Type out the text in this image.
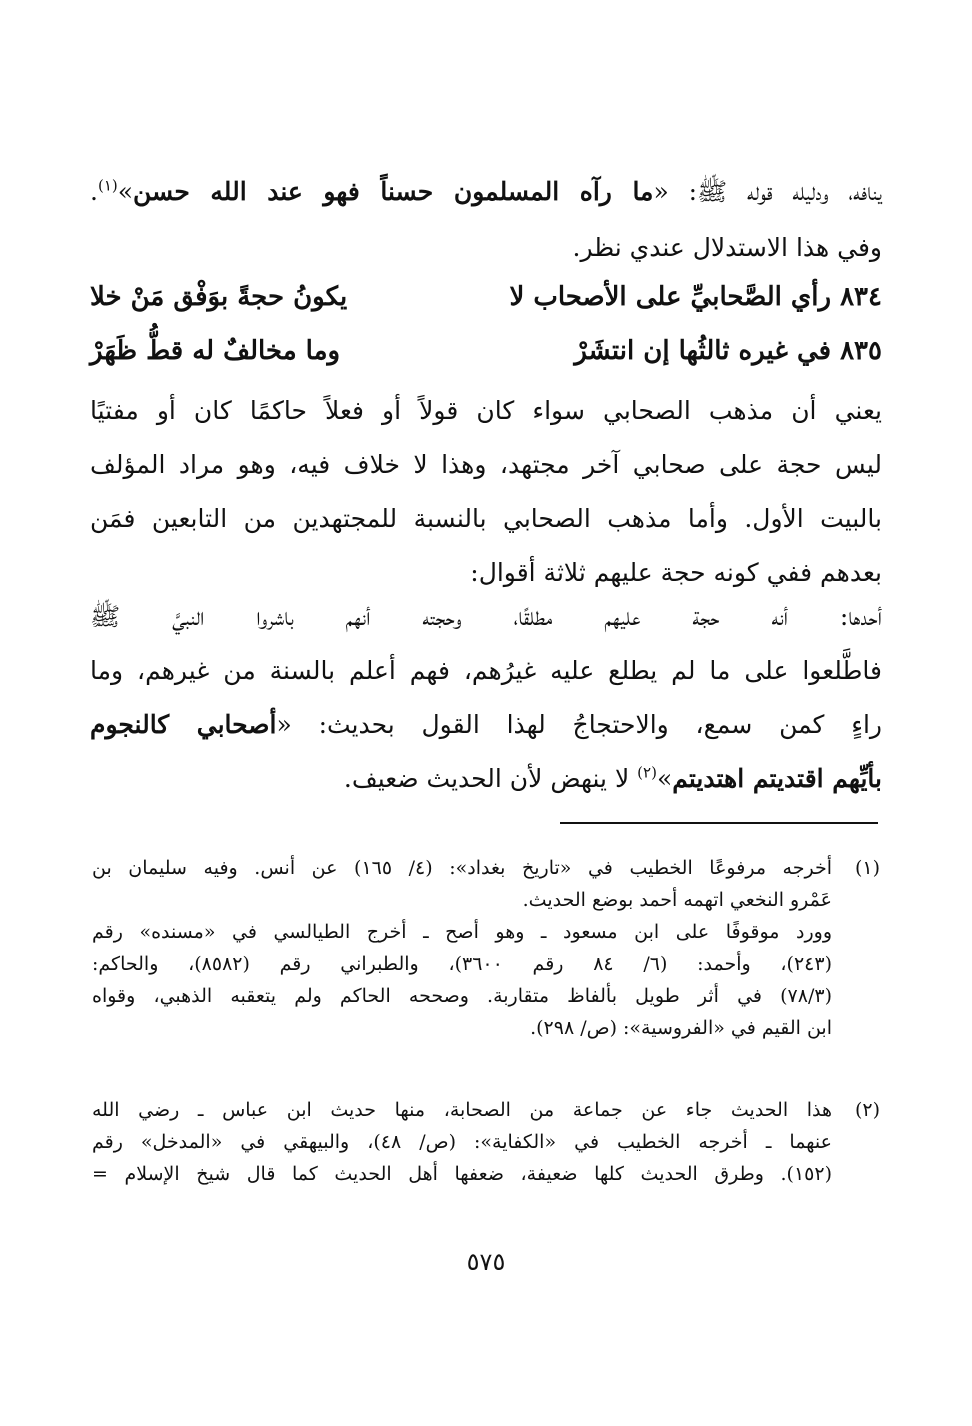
ينافه، ودليله قوله ﷺ: «ما رآه المسلمون حسناً فهو عند الله حسن»$^{(١)}$.
وفي هذا الاستدلال عندي نظر.
٨٣٤ رأي الصَّحابيِّ على الأصحاب لا
يكونُ حجةً بوَفْق مَنْ خلا
٨٣٥ في غيره ثالثُها إن انتشَرْ
وما مخالفٌ له قطُّ ظَهَرْ
يعني أن مذهب الصحابي سواء كان قولاً أو فعلاً حاكمًا كان أو مفتيًا
ليس حجة على صحابي آخر مجتهد، وهذا لا خلاف فيه، وهو مراد المؤلف
بالبيت الأول. وأما مذهب الصحابي بالنسبة للمجتهدين من التابعين فمَن
بعدهم ففي كونه حجة عليهم ثلاثة أقوال:
أحدها: أنه حجة عليهم مطلقًا، وحجته أنهم باشروا النبيَّ ﷺ
فاطَّلعوا على ما لم يطلع عليه غيرُهم، فهم أعلم بالسنة من غيرهم، وما
راءٍ كمن سمع، والاحتجاجُ لهذا القول بحديث: «أصحابي كالنجوم
بأيِّهم اقتديتم اهتديتم»$^{(٢)}$ لا ينهض لأن الحديث ضعيف.
(١)
أخرجه مرفوعًا الخطيب في «تاريخ بغداد»: (٤/ ١٦٥) عن أنس. وفيه سليمان بن
عَمْرو النخعي اتهمه أحمد بوضع الحديث.
وورد موقوفًا على ابن مسعود ـ وهو أصح ـ أخرج الطيالسي في «مسنده» رقم
(٢٤٣)، وأحمد: (٦/ ٨٤ رقم ٣٦٠٠)، والطبراني رقم (٨٥٨٢)، والحاكم:
(٧٨/٣) في أثر طويل بألفاظ متقاربة. وصححه الحاكم ولم يتعقبه الذهبي، وقواه
ابن القيم في «الفروسية»: (ص/ ٢٩٨).
(٢)
هذا الحديث جاء عن جماعة من الصحابة، منها حديث ابن عباس ـ رضي الله
عنهما ـ أخرجه الخطيب في «الكفاية»: (ص/ ٤٨)، والبيهقي في «المدخل» رقم
(١٥٢). وطرق الحديث كلها ضعيفة، ضعفها أهل الحديث كما قال شيخ الإسلام =
٥٧٥
